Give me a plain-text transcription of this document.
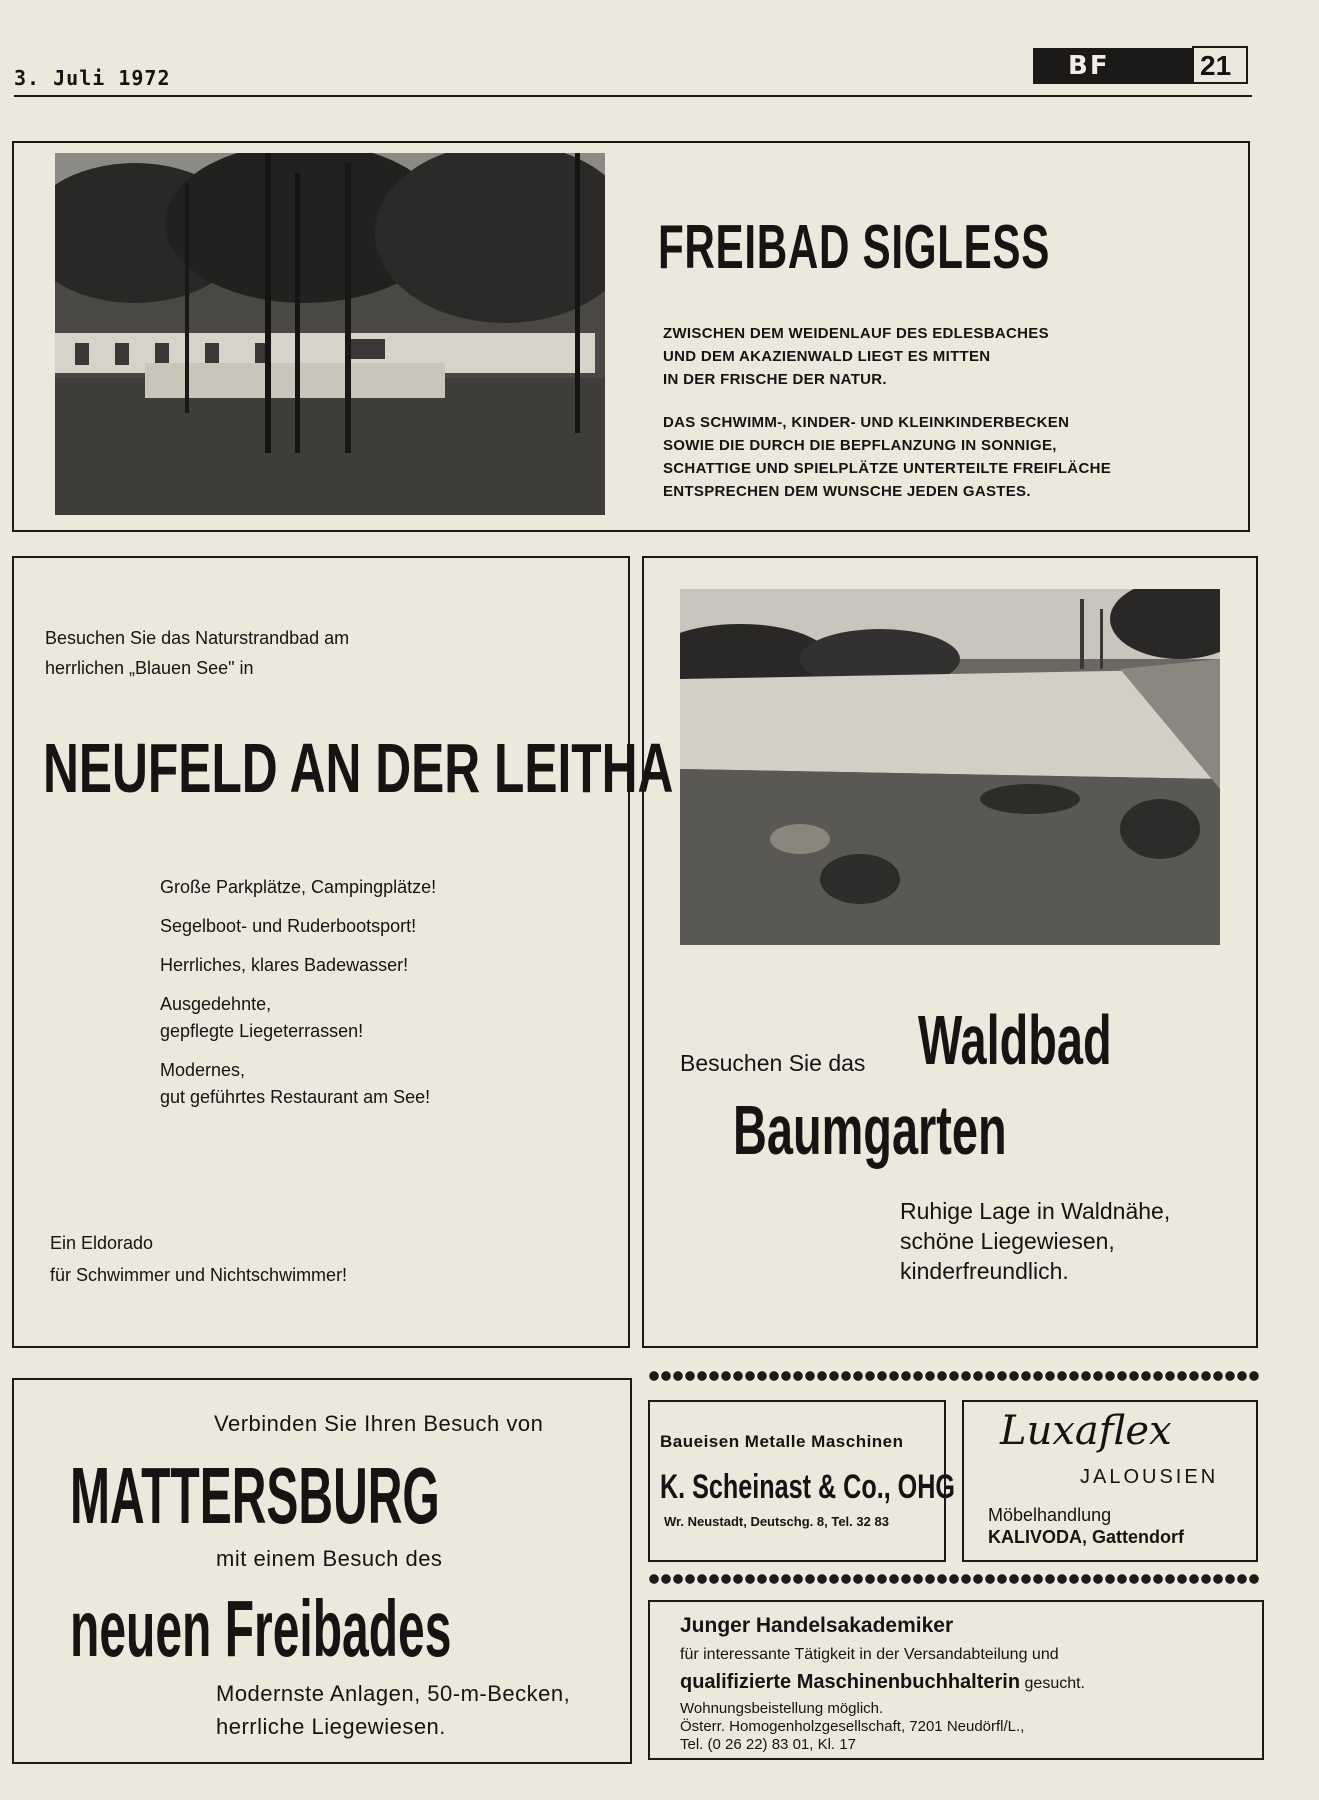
3. Juli 1972	BF	21
FREIBAD SIGLESS
ZWISCHEN DEM WEIDENLAUF DES EDLESBACHES
UND DEM AKAZIENWALD LIEGT ES MITTEN
IN DER FRISCHE DER NATUR.
DAS SCHWIMM-, KINDER- UND KLEINKINDERBECKEN
SOWIE DIE DURCH DIE BEPFLANZUNG IN SONNIGE,
SCHATTIGE UND SPIELPLÄTZE UNTERTEILTE FREIFLÄCHE
ENTSPRECHEN DEM WUNSCHE JEDEN GASTES.
Besuchen Sie das Naturstrandbad am
herrlichen „Blauen See" in
NEUFELD AN DER LEITHA
Große Parkplätze, Campingplätze!
Segelboot- und Ruderbootsport!
Herrliches, klares Badewasser!
Ausgedehnte,
gepflegte Liegeterrassen!
Modernes,
gut geführtes Restaurant am See!
Ein Eldorado
für Schwimmer und Nichtschwimmer!
Besuchen Sie das Waldbad
Baumgarten
Ruhige Lage in Waldnähe,
schöne Liegewiesen,
kinderfreundlich.
Verbinden Sie Ihren Besuch von
MATTERSBURG
mit einem Besuch des
neuen Freibades
Modernste Anlagen, 50-m-Becken,
herrliche Liegewiesen.
Baueisen Metalle Maschinen
K. Scheinast & Co., OHG
Wr. Neustadt, Deutschg. 8, Tel. 32 83
Luxaflex
JALOUSIEN
Möbelhandlung
KALIVODA, Gattendorf
Junger Handelsakademiker
für interessante Tätigkeit in der Versandabteilung und
qualifizierte Maschinenbuchhalterin gesucht.
Wohnungsbeistellung möglich.
Österr. Homogenholzgesellschaft, 7201 Neudörfl/L.,
Tel. (0 26 22) 83 01, Kl. 17
